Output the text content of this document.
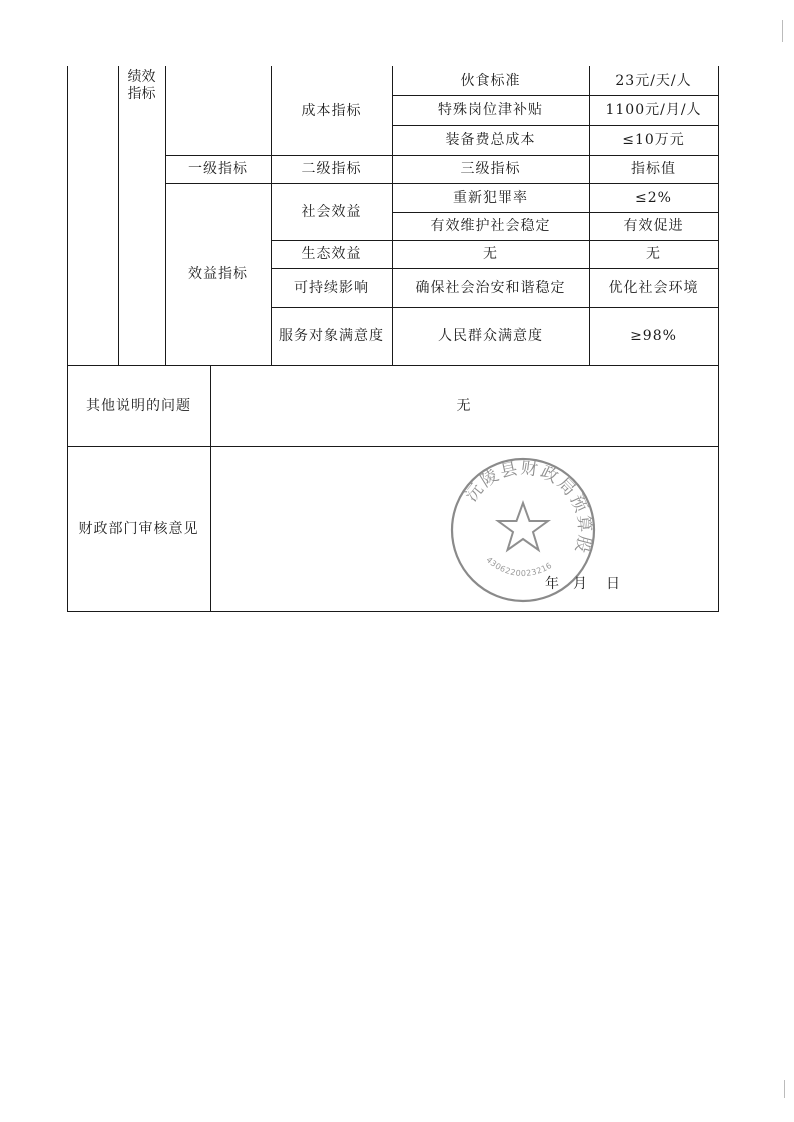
绩效
指标
成本指标
伙食标准	23元/天/人
特殊岗位津补贴	1100元/月/人
装备费总成本	≤10万元
一级指标	二级指标	三级指标	指标值
效益指标
社会效益
重新犯罪率	≤2%
有效维护社会稳定	有效促进
生态效益	无	无
可持续影响	确保社会治安和谐稳定	优化社会环境
服务对象满意度	人民群众满意度	≥98%
其他说明的问题	无
财政部门审核意见
沅陵县财政局预算股
4306220023216
年 月 日
